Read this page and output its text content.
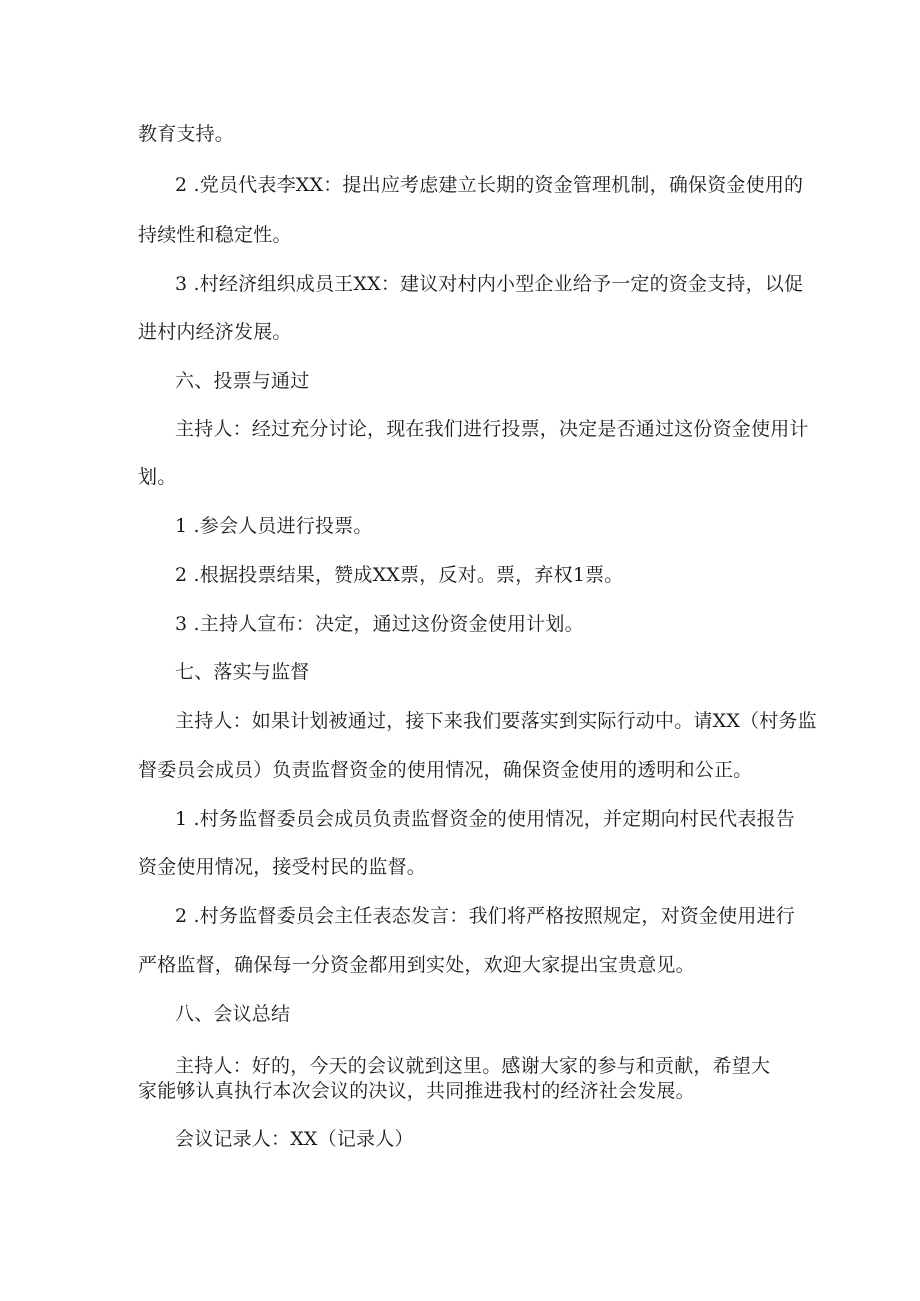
教育支持。
2 .党员代表李XX：提出应考虑建立长期的资金管理机制，确保资金使用的
持续性和稳定性。
3 .村经济组织成员王XX：建议对村内小型企业给予一定的资金支持，以促
进村内经济发展。
六、投票与通过
主持人：经过充分讨论，现在我们进行投票，决定是否通过这份资金使用计
划。
1 .参会人员进行投票。
2 .根据投票结果，赞成XX票，反对。票，弃权1票。
3 .主持人宣布：决定，通过这份资金使用计划。
七、落实与监督
主持人：如果计划被通过，接下来我们要落实到实际行动中。请XX（村务监
督委员会成员）负责监督资金的使用情况，确保资金使用的透明和公正。
1 .村务监督委员会成员负责监督资金的使用情况，并定期向村民代表报告
资金使用情况，接受村民的监督。
2 .村务监督委员会主任表态发言：我们将严格按照规定，对资金使用进行
严格监督，确保每一分资金都用到实处，欢迎大家提出宝贵意见。
八、会议总结
主持人：好的，今天的会议就到这里。感谢大家的参与和贡献，希望大
家能够认真执行本次会议的决议，共同推进我村的经济社会发展。
会议记录人：XX（记录人）
